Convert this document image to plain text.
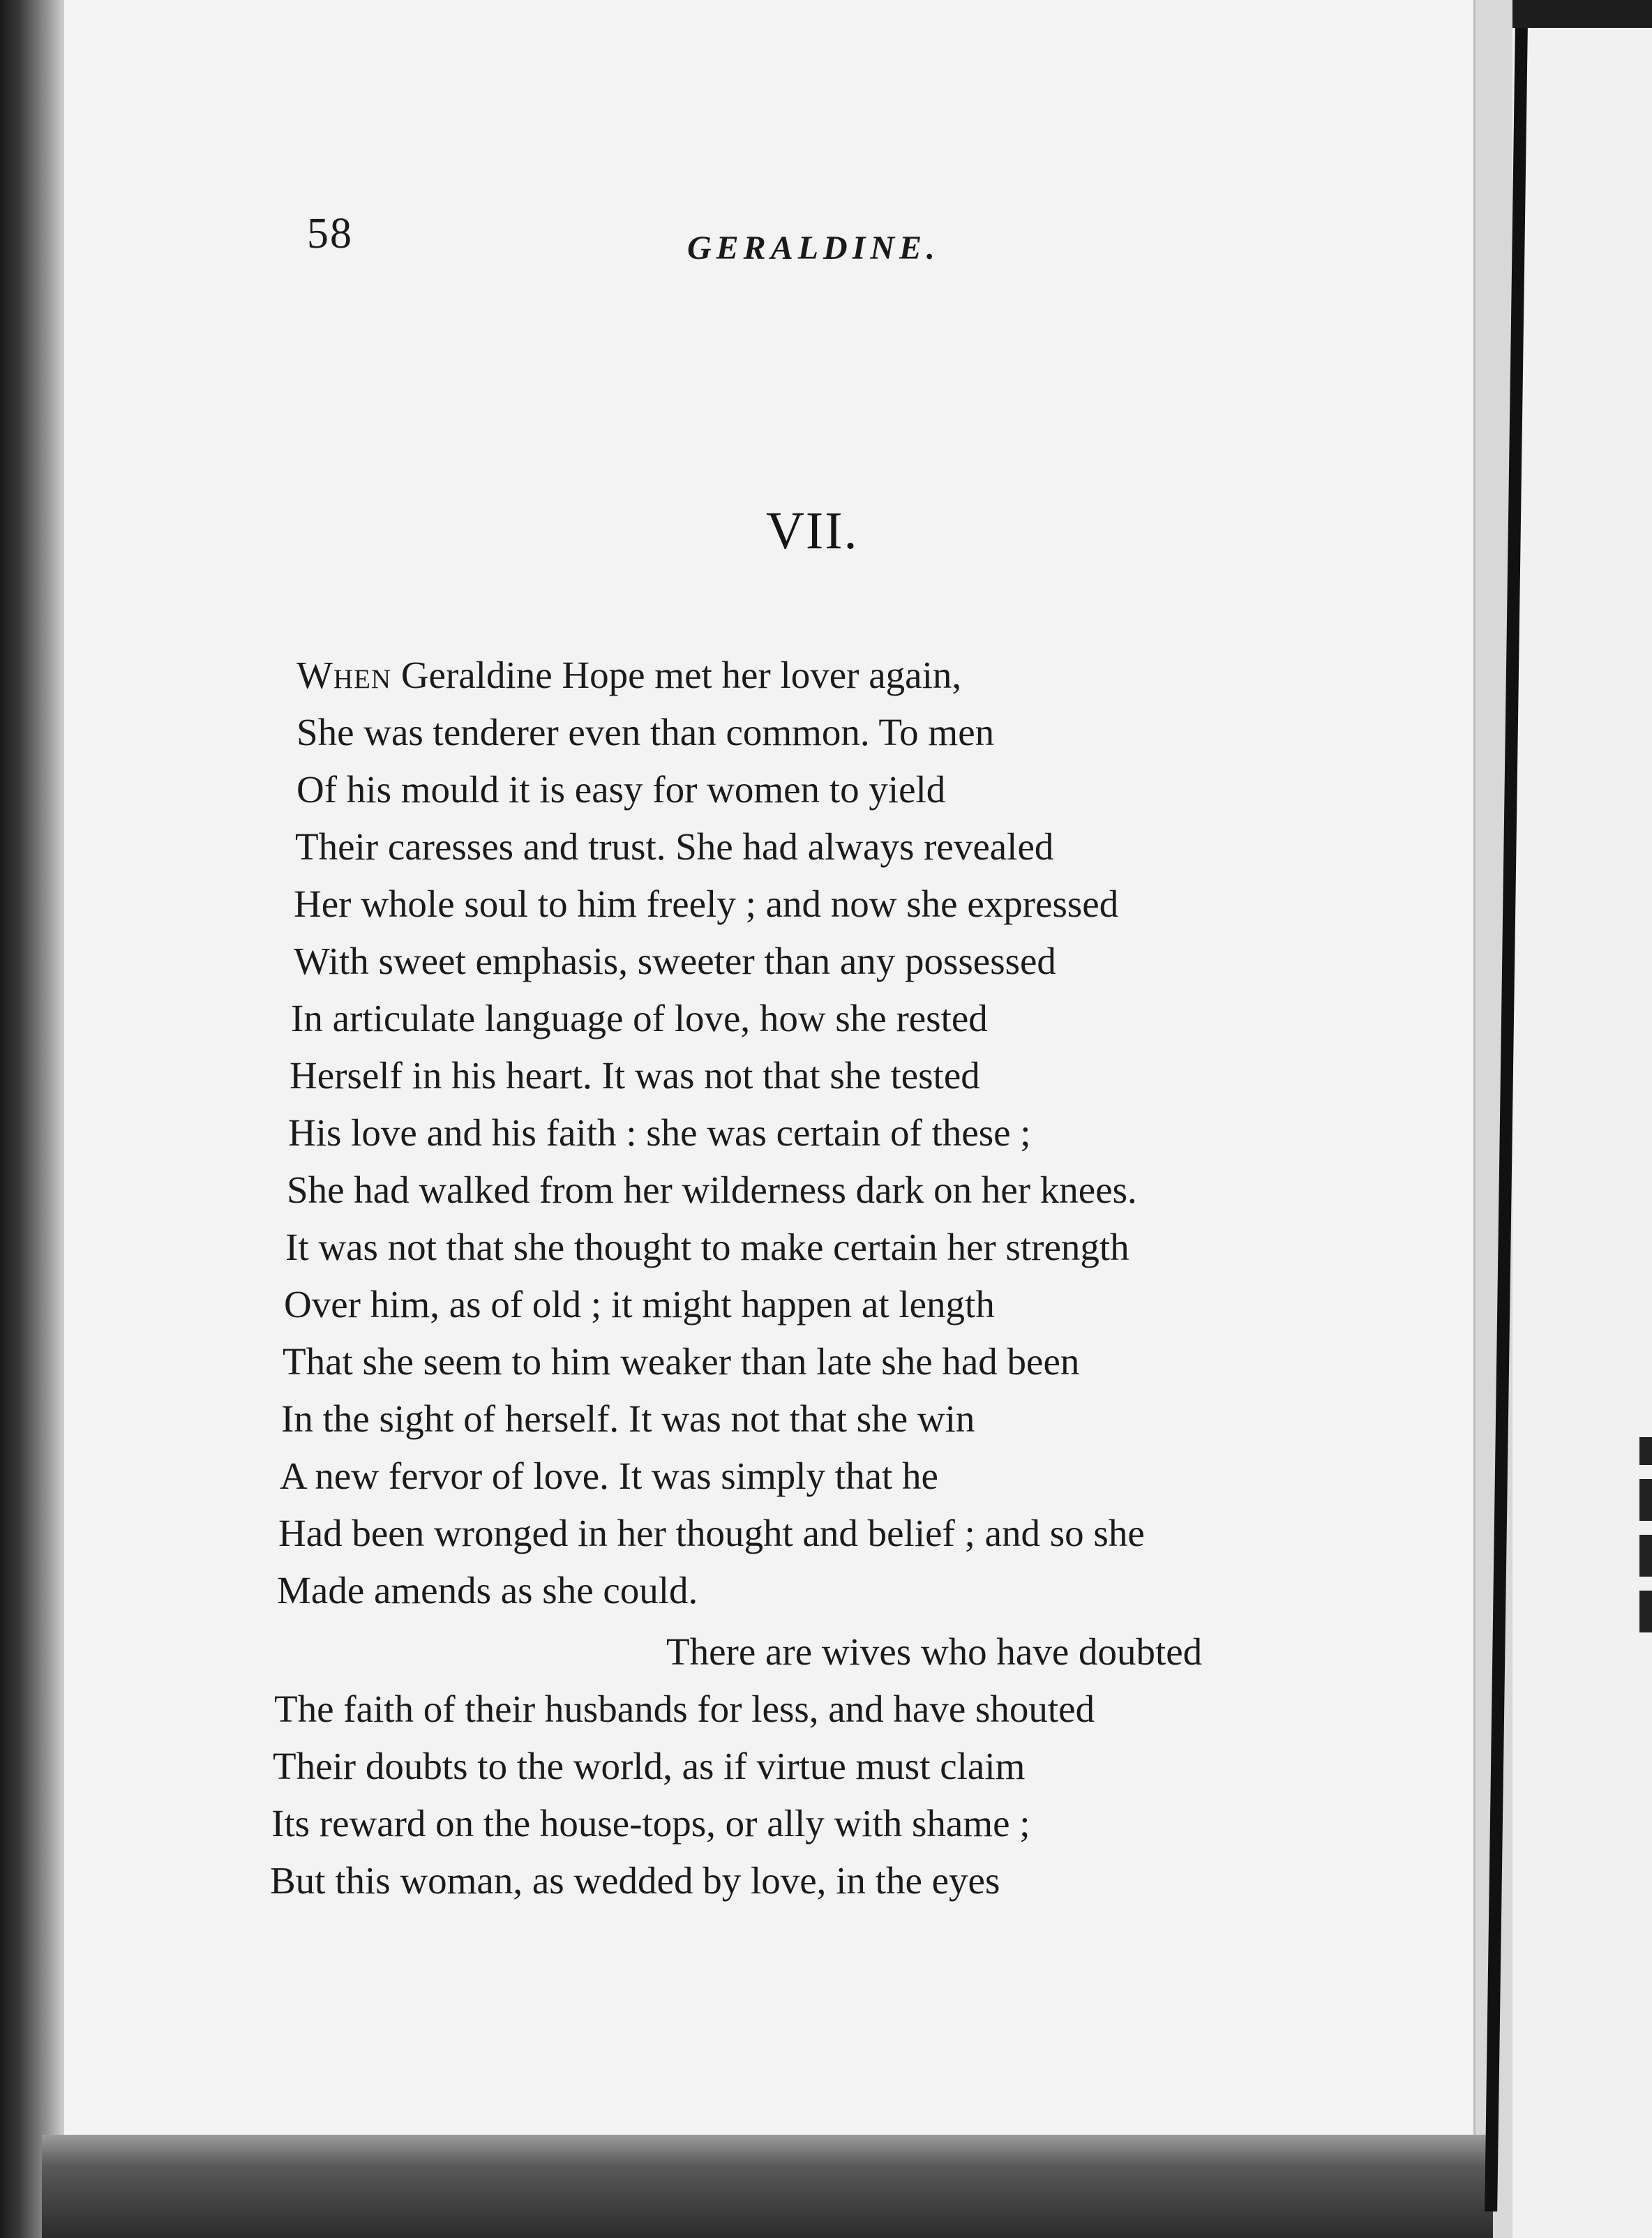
58	GERALDINE.
VII.
When Geraldine Hope met her lover again,
She was tenderer even than common. To men
Of his mould it is easy for women to yield
Their caresses and trust. She had always revealed
Her whole soul to him freely ; and now she expressed
With sweet emphasis, sweeter than any possessed
In articulate language of love, how she rested
Herself in his heart. It was not that she tested
His love and his faith : she was certain of these ;
She had walked from her wilderness dark on her knees.
It was not that she thought to make certain her strength
Over him, as of old ; it might happen at length
That she seem to him weaker than late she had been
In the sight of herself. It was not that she win
A new fervor of love. It was simply that he
Had been wronged in her thought and belief ; and so she
Made amends as she could.
There are wives who have doubted
The faith of their husbands for less, and have shouted
Their doubts to the world, as if virtue must claim
Its reward on the house-tops, or ally with shame ;
But this woman, as wedded by love, in the eyes
